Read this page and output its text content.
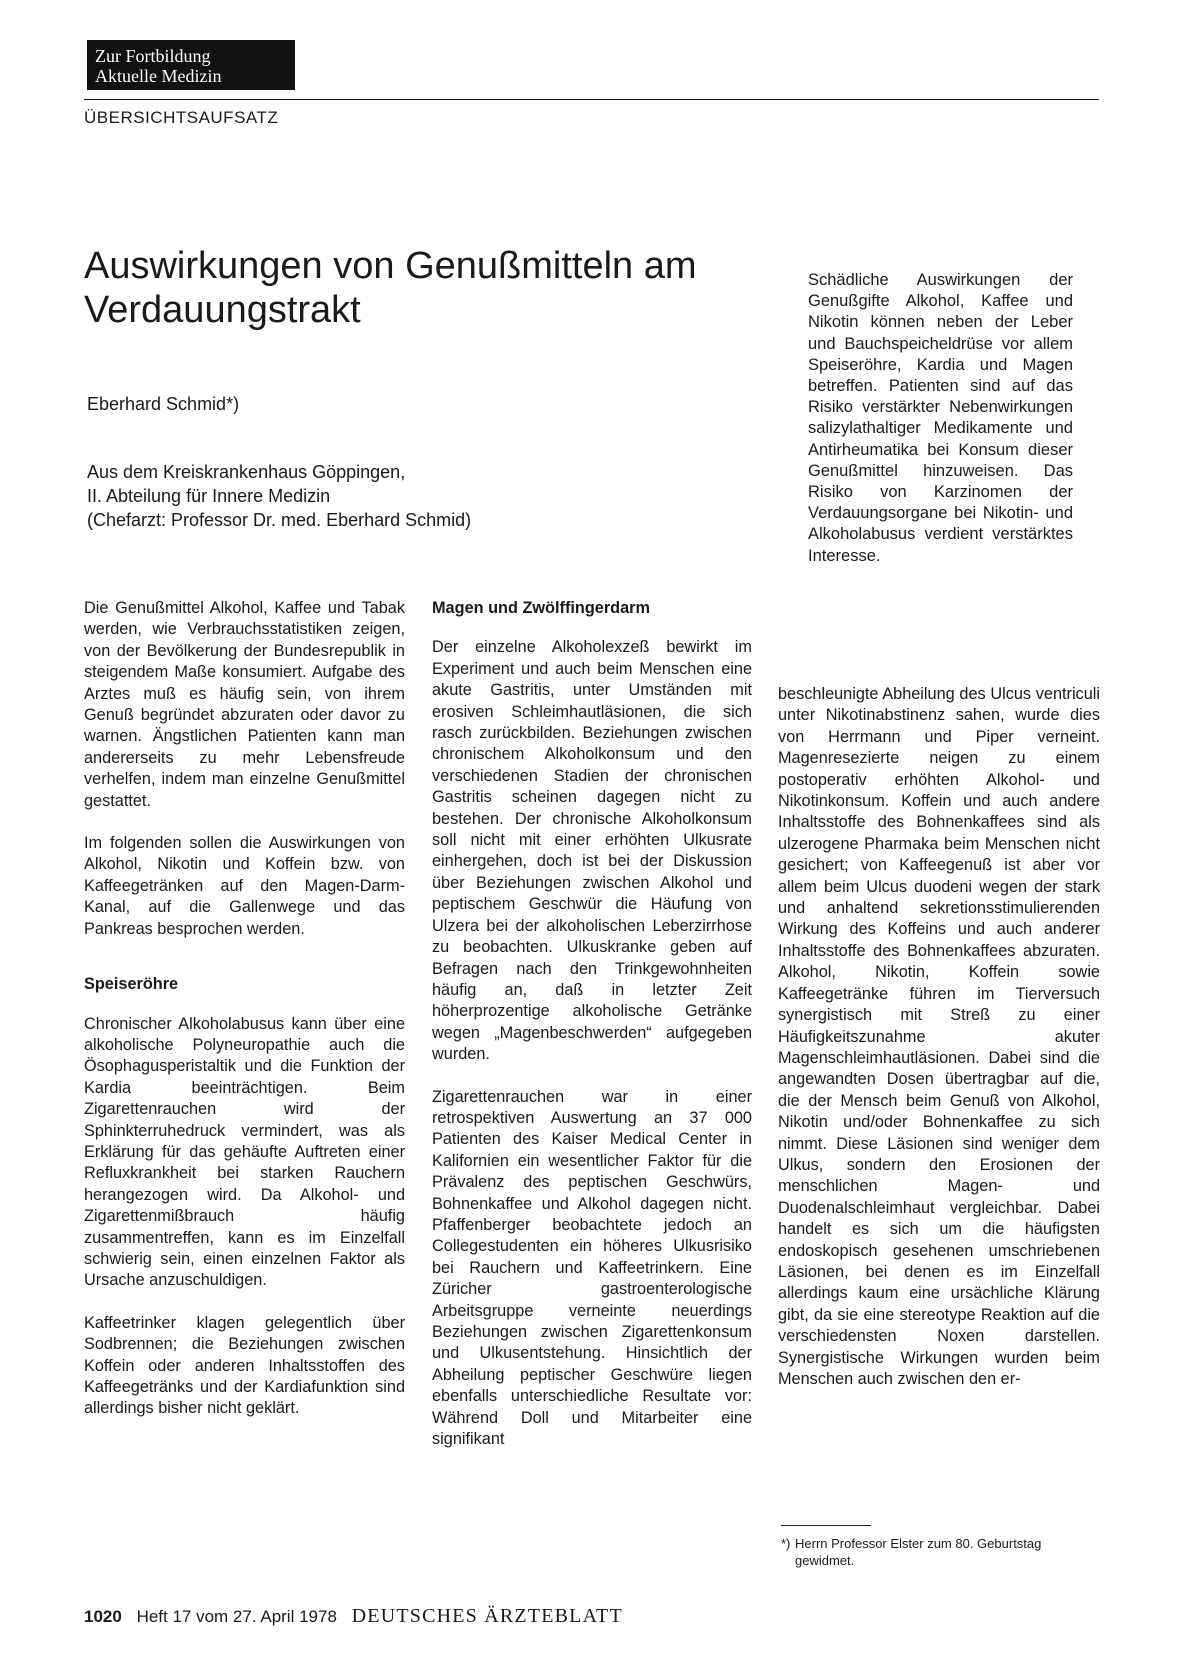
Zur Fortbildung
Aktuelle Medizin
ÜBERSICHTSAUFSATZ
Auswirkungen von Genußmitteln am Verdauungstrakt
Eberhard Schmid*)
Aus dem Kreiskrankenhaus Göppingen,
II. Abteilung für Innere Medizin
(Chefarzt: Professor Dr. med. Eberhard Schmid)

Schädliche Auswirkungen der Genußgifte Alkohol, Kaffee und Nikotin können neben der Leber und Bauchspeicheldrüse vor allem Speiseröhre, Kardia und Magen betreffen. Patienten sind auf das Risiko verstärkter Nebenwirkungen salizylathaltiger Medikamente und Antirheumatika bei Konsum dieser Genußmittel hinzuweisen. Das Risiko von Karzinomen der Verdauungsorgane bei Nikotin- und Alkoholabusus verdient verstärktes Interesse.

Die Genußmittel Alkohol, Kaffee und Tabak werden, wie Verbrauchsstatistiken zeigen, von der Bevölkerung der Bundesrepublik in steigendem Maße konsumiert. Aufgabe des Arztes muß es häufig sein, von ihrem Genuß begründet abzuraten oder davor zu warnen. Ängstlichen Patienten kann man andererseits zu mehr Lebensfreude verhelfen, indem man einzelne Genußmittel gestattet.

Im folgenden sollen die Auswirkungen von Alkohol, Nikotin und Koffein bzw. von Kaffeegetränken auf den Magen-Darm-Kanal, auf die Gallenwege und das Pankreas besprochen werden.

Speiseröhre

Chronischer Alkoholabusus kann über eine alkoholische Polyneuropathie auch die Ösophagusperistaltik und die Funktion der Kardia beeinträchtigen. Beim Zigarettenrauchen wird der Sphinkterruhedruck vermindert, was als Erklärung für das gehäufte Auftreten einer Refluxkrankheit bei starken Rauchern herangezogen wird. Da Alkohol- und Zigarettenmißbrauch häufig zusammentreffen, kann es im Einzelfall schwierig sein, einen einzelnen Faktor als Ursache anzuschuldigen.

Kaffeetrinker klagen gelegentlich über Sodbrennen; die Beziehungen zwischen Koffein oder anderen Inhaltsstoffen des Kaffeegetränks und der Kardiafunktion sind allerdings bisher nicht geklärt.

Magen und Zwölffingerdarm

Der einzelne Alkoholexzeß bewirkt im Experiment und auch beim Menschen eine akute Gastritis, unter Umständen mit erosiven Schleimhautläsionen, die sich rasch zurückbilden. Beziehungen zwischen chronischem Alkoholkonsum und den verschiedenen Stadien der chronischen Gastritis scheinen dagegen nicht zu bestehen. Der chronische Alkoholkonsum soll nicht mit einer erhöhten Ulkusrate einhergehen, doch ist bei der Diskussion über Beziehungen zwischen Alkohol und peptischem Geschwür die Häufung von Ulzera bei der alkoholischen Leberzirrhose zu beobachten. Ulkuskranke geben auf Befragen nach den Trinkgewohnheiten häufig an, daß in letzter Zeit höherprozentige alkoholische Getränke wegen „Magenbeschwerden“ aufgegeben wurden.

Zigarettenrauchen war in einer retrospektiven Auswertung an 37 000 Patienten des Kaiser Medical Center in Kalifornien ein wesentlicher Faktor für die Prävalenz des peptischen Geschwürs, Bohnenkaffee und Alkohol dagegen nicht. Pfaffenberger beobachtete jedoch an Collegestudenten ein höheres Ulkusrisiko bei Rauchern und Kaffeetrinkern. Eine Züricher gastroenterologische Arbeitsgruppe verneinte neuerdings Beziehungen zwischen Zigarettenkonsum und Ulkusentstehung. Hinsichtlich der Abheilung peptischer Geschwüre liegen ebenfalls unterschiedliche Resultate vor: Während Doll und Mitarbeiter eine signifikant

beschleunigte Abheilung des Ulcus ventriculi unter Nikotinabstinenz sahen, wurde dies von Herrmann und Piper verneint. Magenresezierte neigen zu einem postoperativ erhöhten Alkohol- und Nikotinkonsum. Koffein und auch andere Inhaltsstoffe des Bohnenkaffees sind als ulzerogene Pharmaka beim Menschen nicht gesichert; von Kaffeegenuß ist aber vor allem beim Ulcus duodeni wegen der stark und anhaltend sekretionsstimulierenden Wirkung des Koffeins und auch anderer Inhaltsstoffe des Bohnenkaffees abzuraten. Alkohol, Nikotin, Koffein sowie Kaffeegetränke führen im Tierversuch synergistisch mit Streß zu einer Häufigkeitszunahme akuter Magenschleimhautläsionen. Dabei sind die angewandten Dosen übertragbar auf die, die der Mensch beim Genuß von Alkohol, Nikotin und/oder Bohnenkaffee zu sich nimmt. Diese Läsionen sind weniger dem Ulkus, sondern den Erosionen der menschlichen Magen- und Duodenalschleimhaut vergleichbar. Dabei handelt es sich um die häufigsten endoskopisch gesehenen umschriebenen Läsionen, bei denen es im Einzelfall allerdings kaum eine ursächliche Klärung gibt, da sie eine stereotype Reaktion auf die verschiedensten Noxen darstellen. Synergistische Wirkungen wurden beim Menschen auch zwischen den er-

*) Herrn Professor Elster zum 80. Geburtstag gewidmet.
1020 Heft 17 vom 27. April 1978 DEUTSCHES ÄRZTEBLATT
